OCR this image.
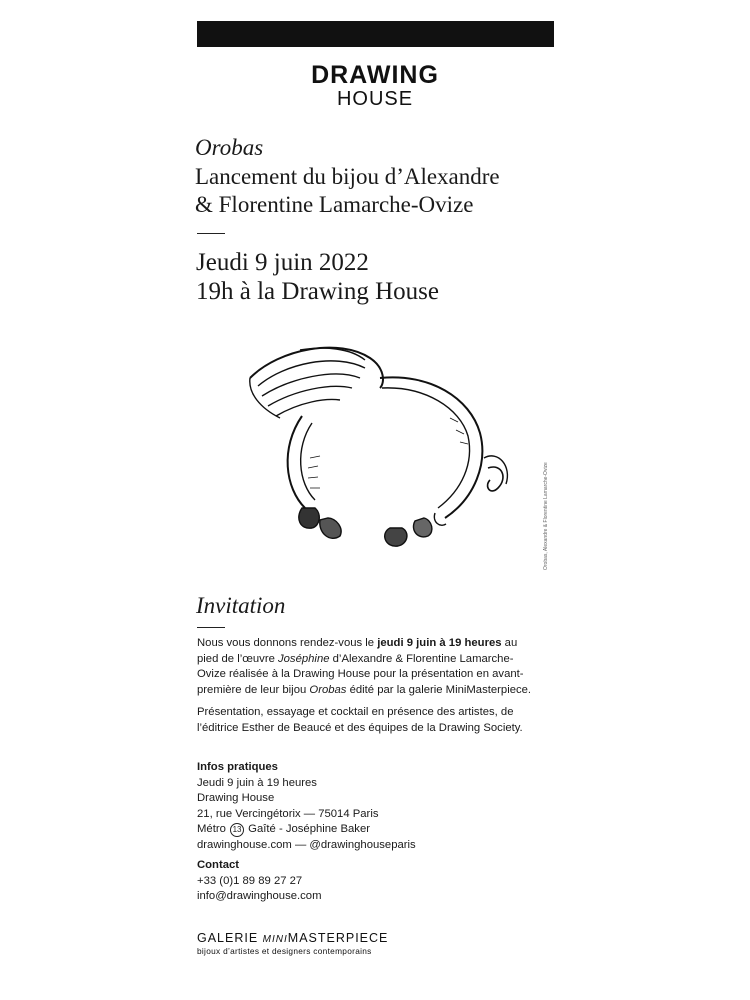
DRAWING
HOUSE
Orobas
Lancement du bijou d’Alexandre
& Florentine Lamarche-Ovize
Jeudi 9 juin 2022
19h à la Drawing House
Orobas, Alexandre & Florentine Lamarche-Ovize
Invitation
Nous vous donnons rendez-vous le jeudi 9 juin à 19 heures au pied de l’œuvre Joséphine d’Alexandre & Florentine Lamarche-Ovize réalisée à la Drawing House pour la présentation en avant-première de leur bijou Orobas édité par la galerie MiniMasterpiece.
Présentation, essayage et cocktail en présence des artistes, de l’éditrice Esther de Beaucé et des équipes de la Drawing Society.
Infos pratiques
Jeudi 9 juin à 19 heures
Drawing House
21, rue Vercingétorix — 75014 Paris
Métro 13 Gaîté - Joséphine Baker
drawinghouse.com — @drawinghouseparis
Contact
+33 (0)1 89 89 27 27
info@drawinghouse.com
GALERIE MINIMASTERPIECE
bijoux d’artistes et designers contemporains
